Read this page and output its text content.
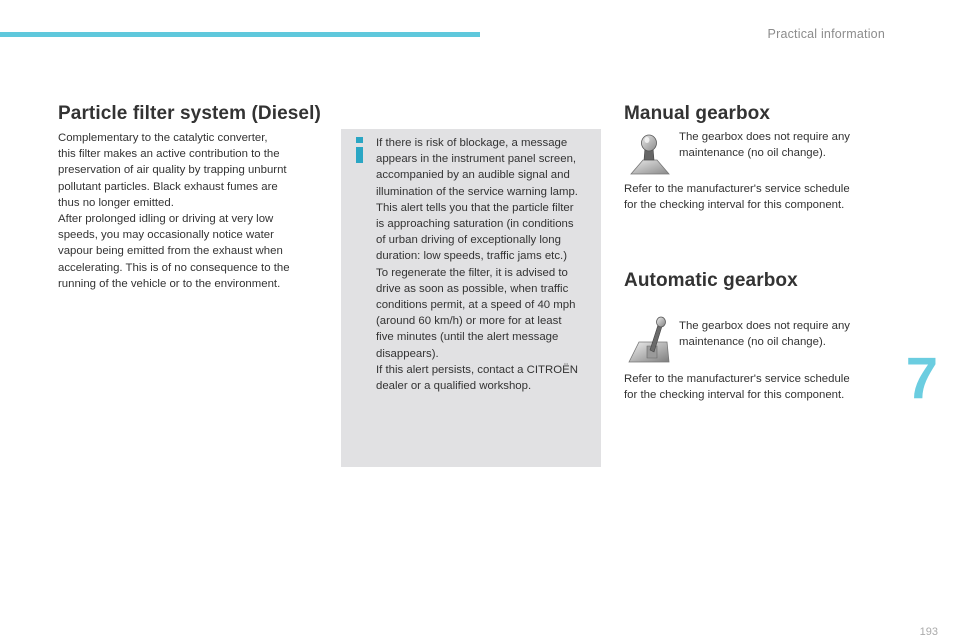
Practical information
7
Particle filter system (Diesel)
Complementary to the catalytic converter,
this filter makes an active contribution to the
preservation of air quality by trapping unburnt
pollutant particles. Black exhaust fumes are
thus no longer emitted.
After prolonged idling or driving at very low
speeds, you may occasionally notice water
vapour being emitted from the exhaust when
accelerating. This is of no consequence to the
running of the vehicle or to the environment.
If there is risk of blockage, a message
appears in the instrument panel screen,
accompanied by an audible signal and
illumination of the service warning lamp.
This alert tells you that the particle filter
is approaching saturation (in conditions
of urban driving of exceptionally long
duration: low speeds, traffic jams etc.)
To regenerate the filter, it is advised to
drive as soon as possible, when traffic
conditions permit, at a speed of 40 mph
(around 60 km/h) or more for at least
five minutes (until the alert message
disappears).
If this alert persists, contact a CITROËN
dealer or a qualified workshop.
Manual gearbox
The gearbox does not require any
maintenance (no oil change).
Refer to the manufacturer's service schedule
for the checking interval for this component.
Automatic gearbox
The gearbox does not require any
maintenance (no oil change).
Refer to the manufacturer's service schedule
for the checking interval for this component.
193
